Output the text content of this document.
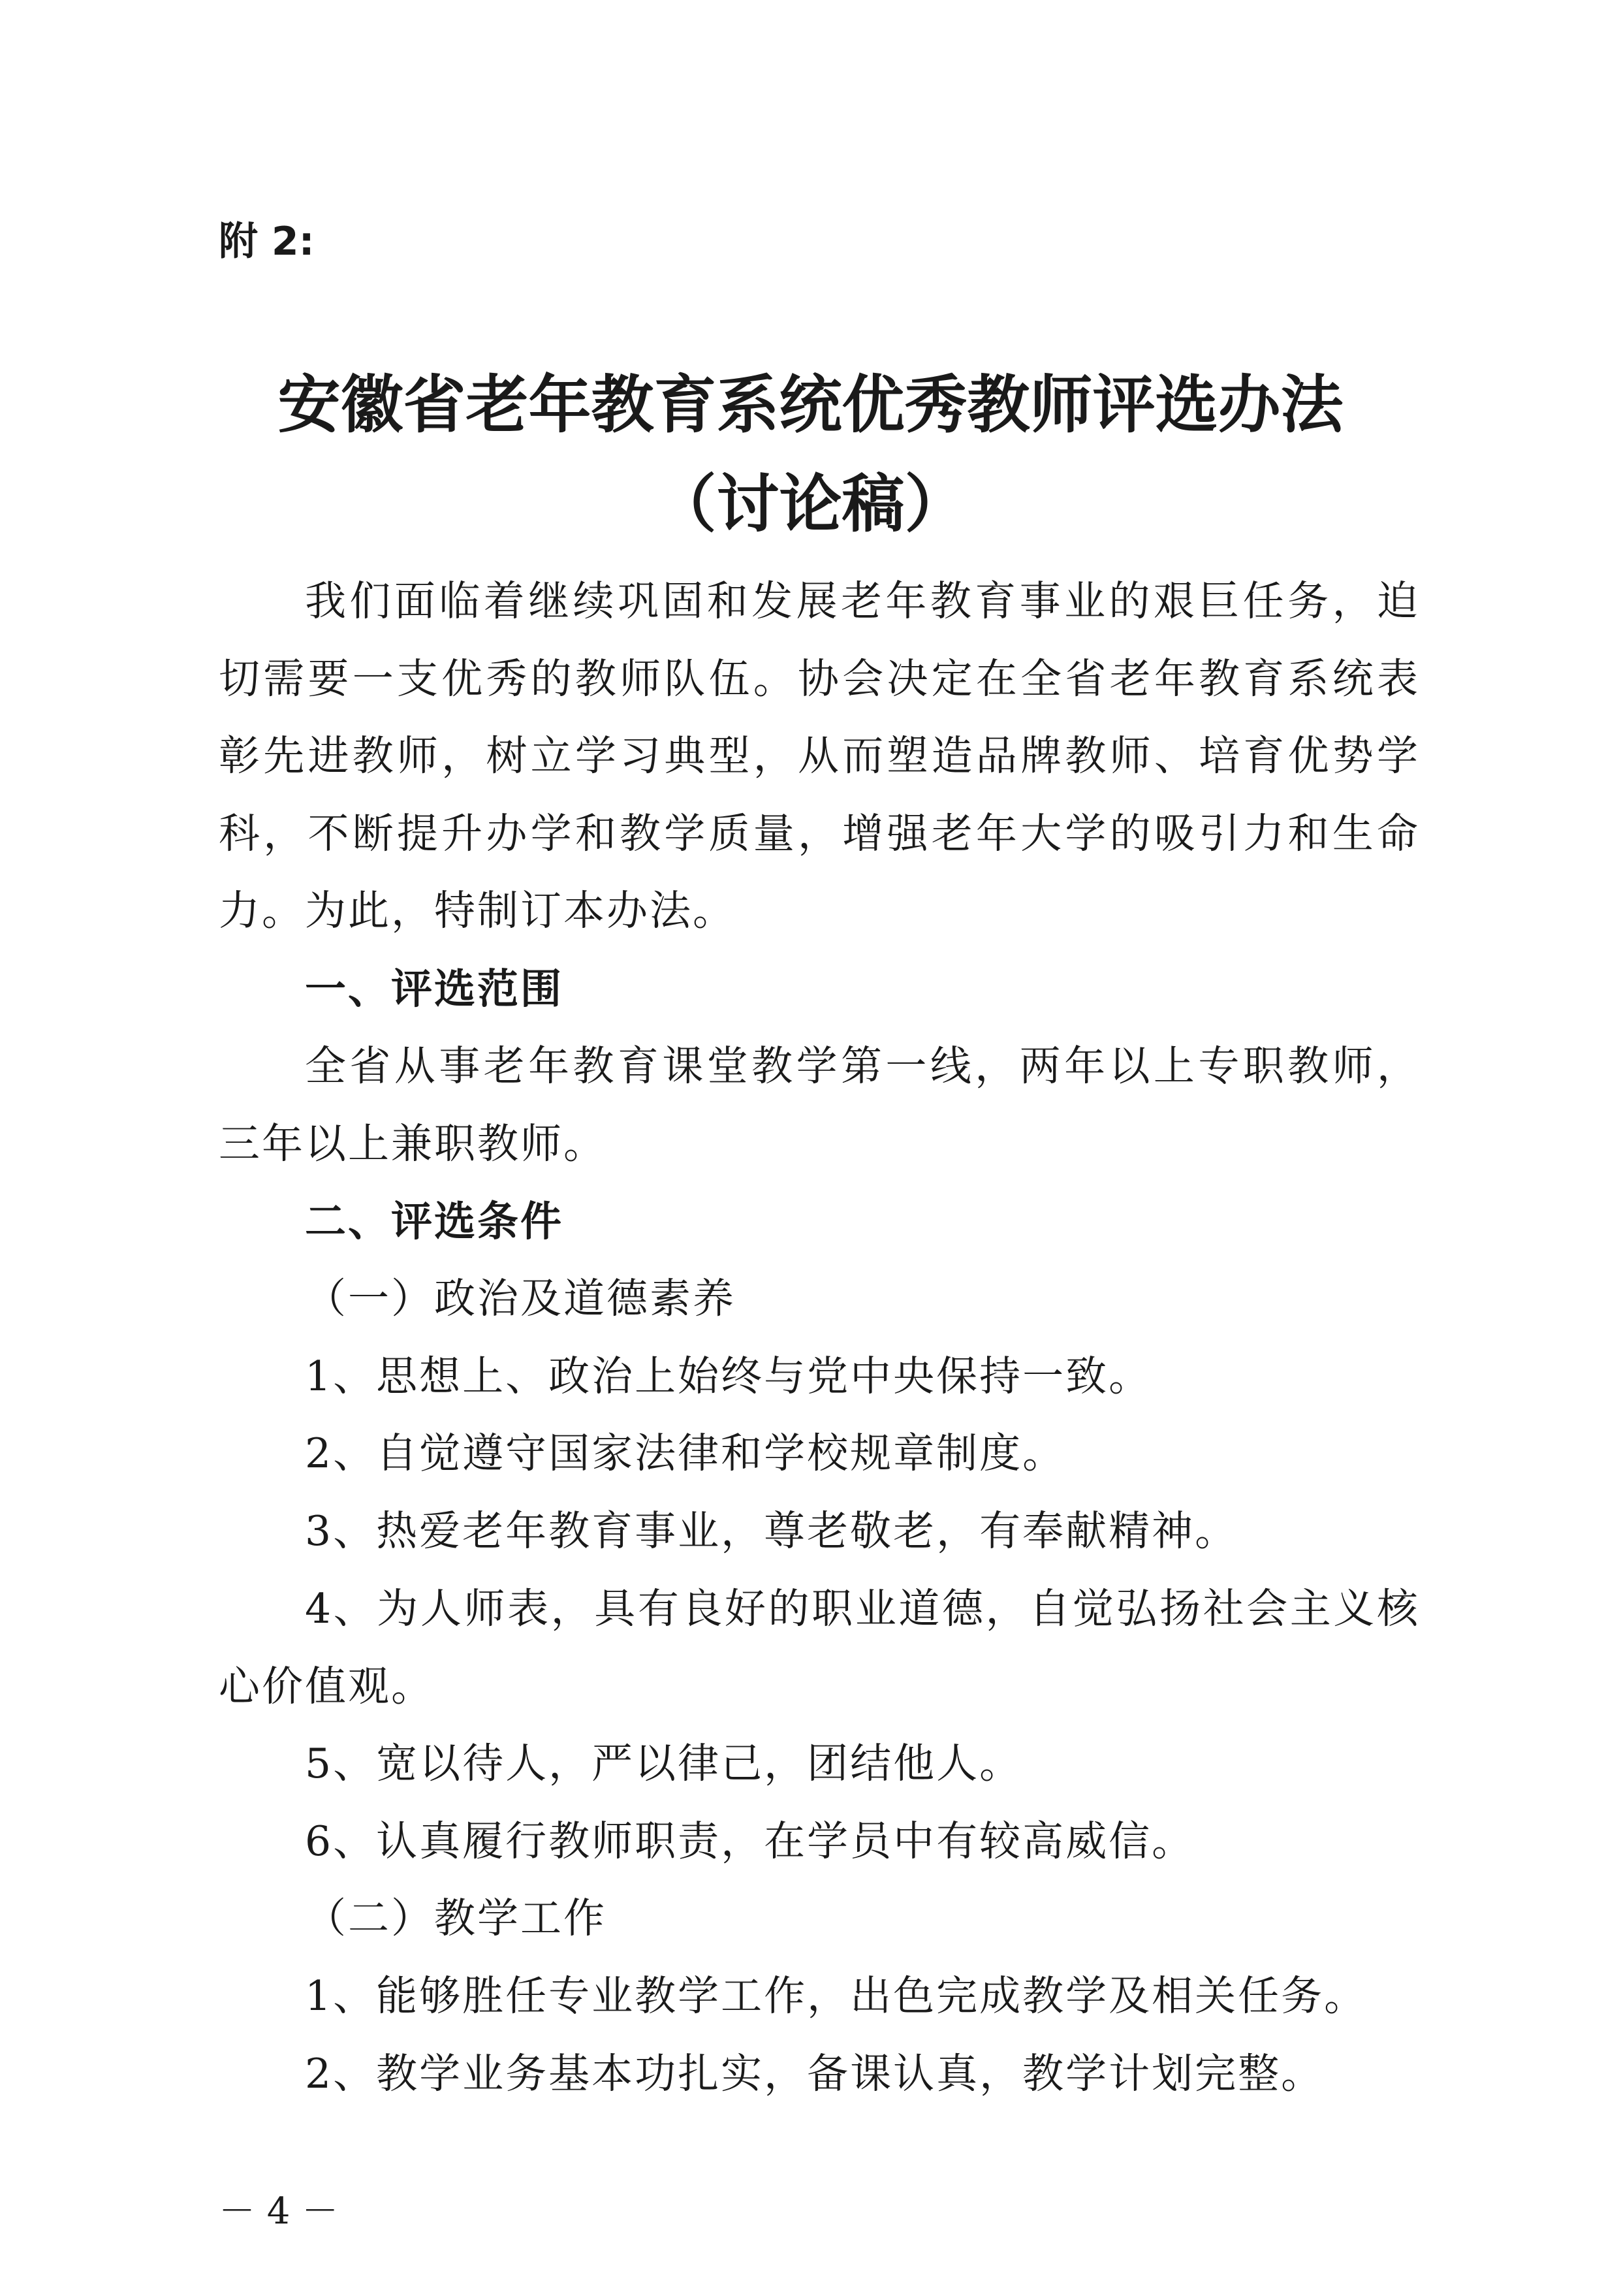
附 2:
安徽省老年教育系统优秀教师评选办法
（讨论稿）

我们面临着继续巩固和发展老年教育事业的艰巨任务，迫切需要一支优秀的教师队伍。协会决定在全省老年教育系统表彰先进教师，树立学习典型，从而塑造品牌教师、培育优势学科，不断提升办学和教学质量，增强老年大学的吸引力和生命力。为此，特制订本办法。

一、评选范围

全省从事老年教育课堂教学第一线，两年以上专职教师，三年以上兼职教师。

二、评选条件

（一）政治及道德素养

1、思想上、政治上始终与党中央保持一致。

2、自觉遵守国家法律和学校规章制度。

3、热爱老年教育事业，尊老敬老，有奉献精神。

4、为人师表，具有良好的职业道德，自觉弘扬社会主义核心价值观。

5、宽以待人，严以律己，团结他人。

6、认真履行教师职责，在学员中有较高威信。

（二）教学工作

1、能够胜任专业教学工作，出色完成教学及相关任务。

2、教学业务基本功扎实，备课认真，教学计划完整。

－ 4 －
